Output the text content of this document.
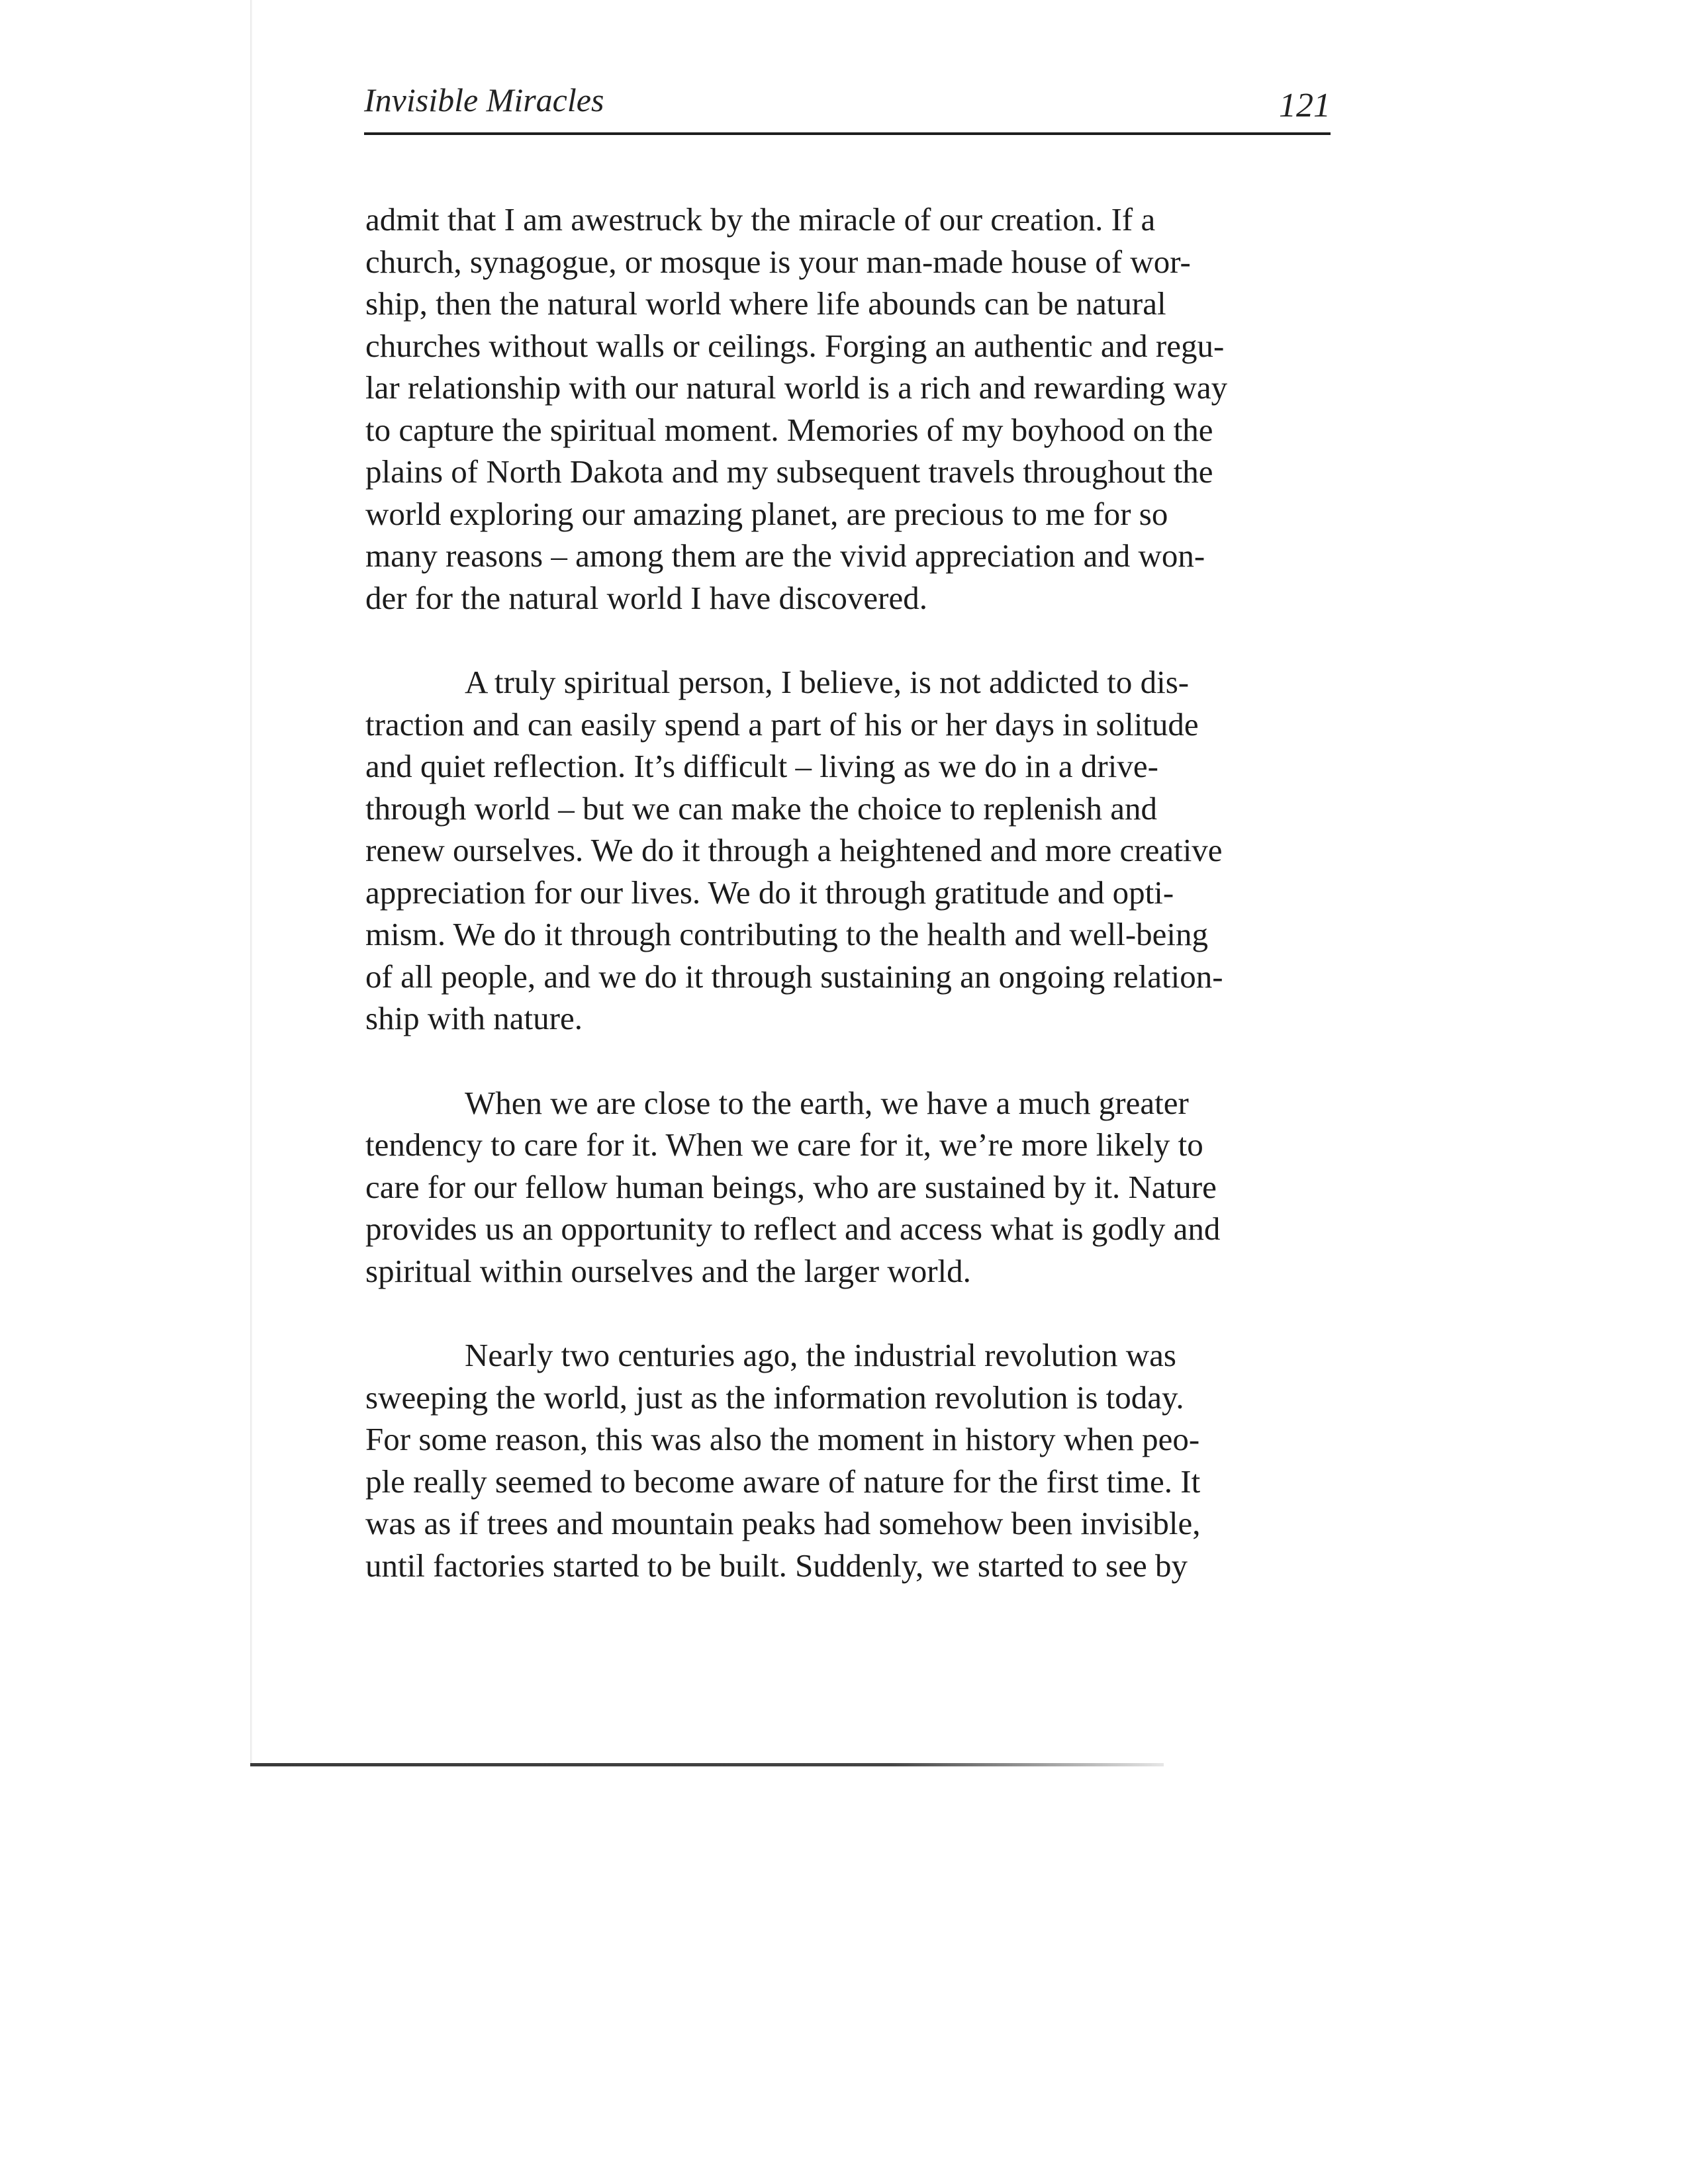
Invisible Miracles	121
admit that I am awestruck by the miracle of our creation. If a
church, synagogue, or mosque is your man-made house of wor-
ship, then the natural world where life abounds can be natural
churches without walls or ceilings. Forging an authentic and regu-
lar relationship with our natural world is a rich and rewarding way
to capture the spiritual moment. Memories of my boyhood on the
plains of North Dakota and my subsequent travels throughout the
world exploring our amazing planet, are precious to me for so
many reasons – among them are the vivid appreciation and won-
der for the natural world I have discovered.
A truly spiritual person, I believe, is not addicted to dis-
traction and can easily spend a part of his or her days in solitude
and quiet reflection. It’s difficult – living as we do in a drive-
through world – but we can make the choice to replenish and
renew ourselves. We do it through a heightened and more creative
appreciation for our lives. We do it through gratitude and opti-
mism. We do it through contributing to the health and well-being
of all people, and we do it through sustaining an ongoing relation-
ship with nature.
When we are close to the earth, we have a much greater
tendency to care for it. When we care for it, we’re more likely to
care for our fellow human beings, who are sustained by it. Nature
provides us an opportunity to reflect and access what is godly and
spiritual within ourselves and the larger world.
Nearly two centuries ago, the industrial revolution was
sweeping the world, just as the information revolution is today.
For some reason, this was also the moment in history when peo-
ple really seemed to become aware of nature for the first time. It
was as if trees and mountain peaks had somehow been invisible,
until factories started to be built. Suddenly, we started to see by
